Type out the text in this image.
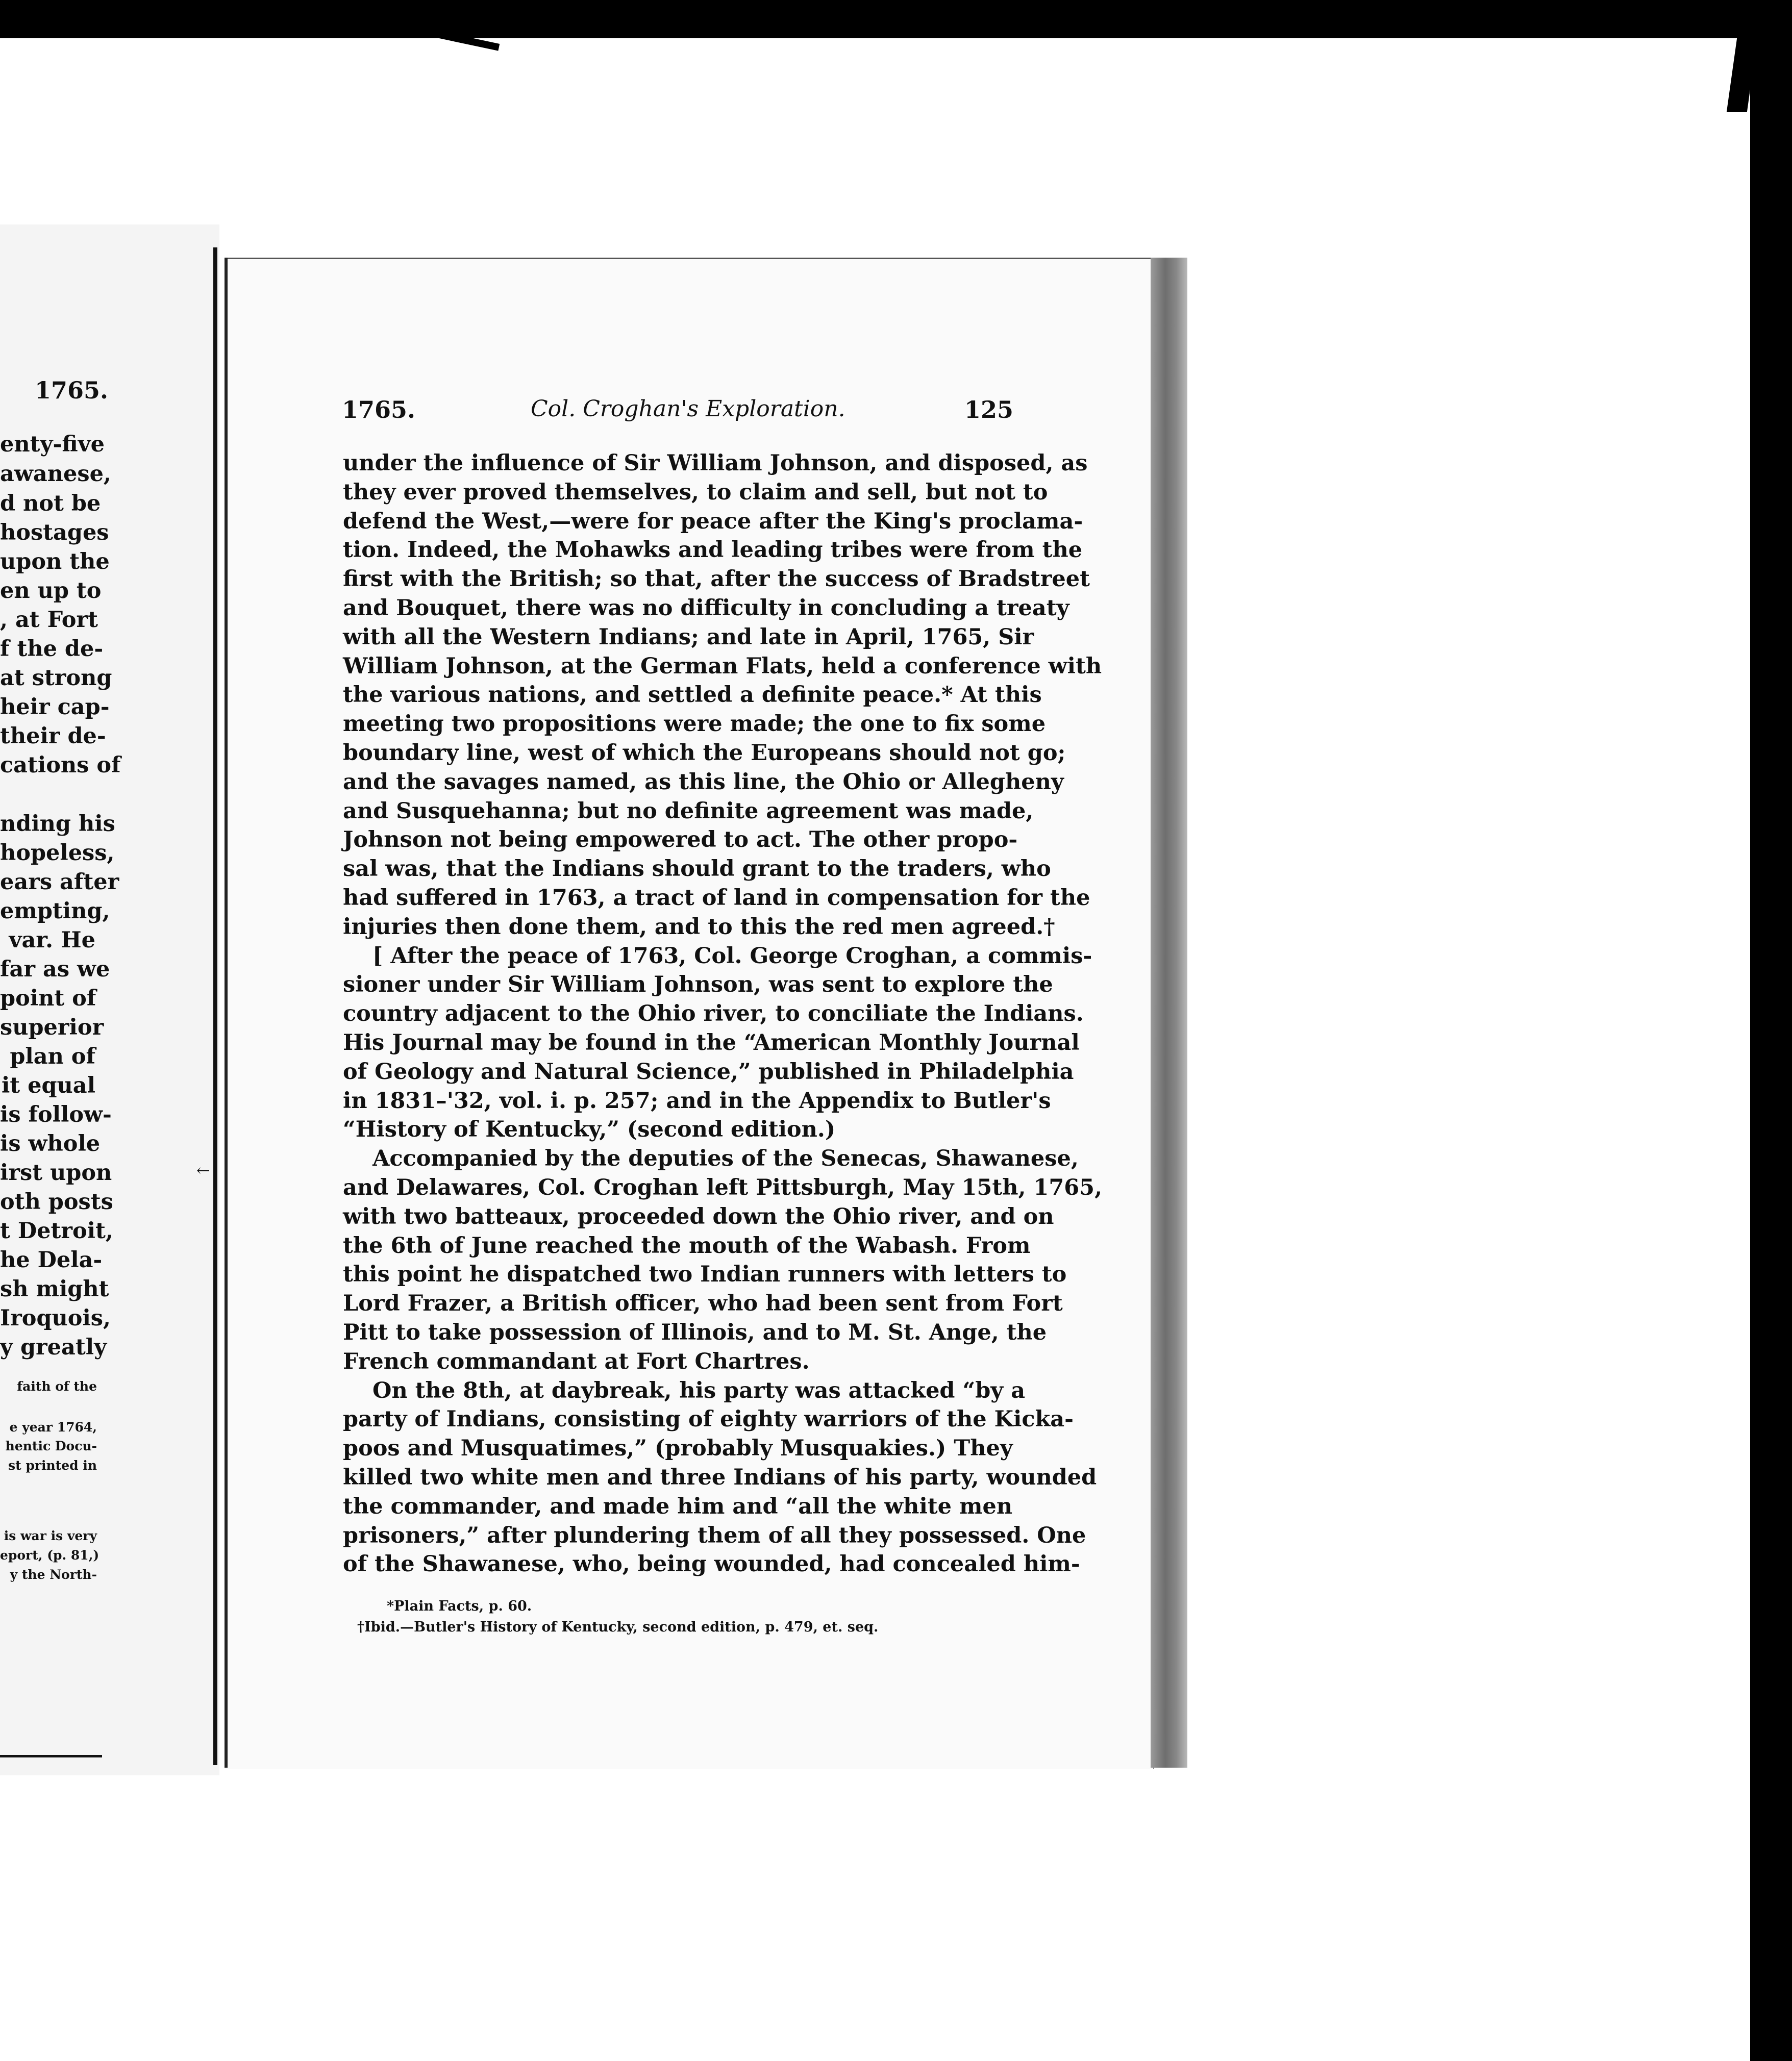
1765.
enty-five
awanese,
d not be
hostages
upon the
en up to
, at Fort
f the de-
at strong
heir cap-
their de-
cations of
nding his
hopeless,
ears after
empting,
var. He
far as we
point of
superior
plan of
it equal
is follow-
is whole
irst upon
oth posts
t Detroit,
he Dela-
sh might
Iroquois,
y greatly
faith of the
e year 1764,
hentic Docu-
st printed in
is war is very
eport, (p. 81,)
y the North-
←
1765.	Col. Croghan's Exploration.	125
under the influence of Sir William Johnson, and disposed, as
they ever proved themselves, to claim and sell, but not to
defend the West,—were for peace after the King's proclama-
tion. Indeed, the Mohawks and leading tribes were from the
first with the British; so that, after the success of Bradstreet
and Bouquet, there was no difficulty in concluding a treaty
with all the Western Indians; and late in April, 1765, Sir
William Johnson, at the German Flats, held a conference with
the various nations, and settled a definite peace.* At this
meeting two propositions were made; the one to fix some
boundary line, west of which the Europeans should not go;
and the savages named, as this line, the Ohio or Allegheny
and Susquehanna; but no definite agreement was made,
Johnson not being empowered to act. The other propo-
sal was, that the Indians should grant to the traders, who
had suffered in 1763, a tract of land in compensation for the
injuries then done them, and to this the red men agreed.†
[ After the peace of 1763, Col. George Croghan, a commis-
sioner under Sir William Johnson, was sent to explore the
country adjacent to the Ohio river, to conciliate the Indians.
His Journal may be found in the “American Monthly Journal
of Geology and Natural Science,” published in Philadelphia
in 1831–'32, vol. i. p. 257; and in the Appendix to Butler's
“History of Kentucky,” (second edition.)
Accompanied by the deputies of the Senecas, Shawanese,
and Delawares, Col. Croghan left Pittsburgh, May 15th, 1765,
with two batteaux, proceeded down the Ohio river, and on
the 6th of June reached the mouth of the Wabash. From
this point he dispatched two Indian runners with letters to
Lord Frazer, a British officer, who had been sent from Fort
Pitt to take possession of Illinois, and to M. St. Ange, the
French commandant at Fort Chartres.
On the 8th, at daybreak, his party was attacked “by a
party of Indians, consisting of eighty warriors of the Kicka-
poos and Musquatimes,” (probably Musquakies.) They
killed two white men and three Indians of his party, wounded
the commander, and made him and “all the white men
prisoners,” after plundering them of all they possessed. One
of the Shawanese, who, being wounded, had concealed him-
*Plain Facts, p. 60.
†Ibid.—Butler's History of Kentucky, second edition, p. 479, et. seq.
